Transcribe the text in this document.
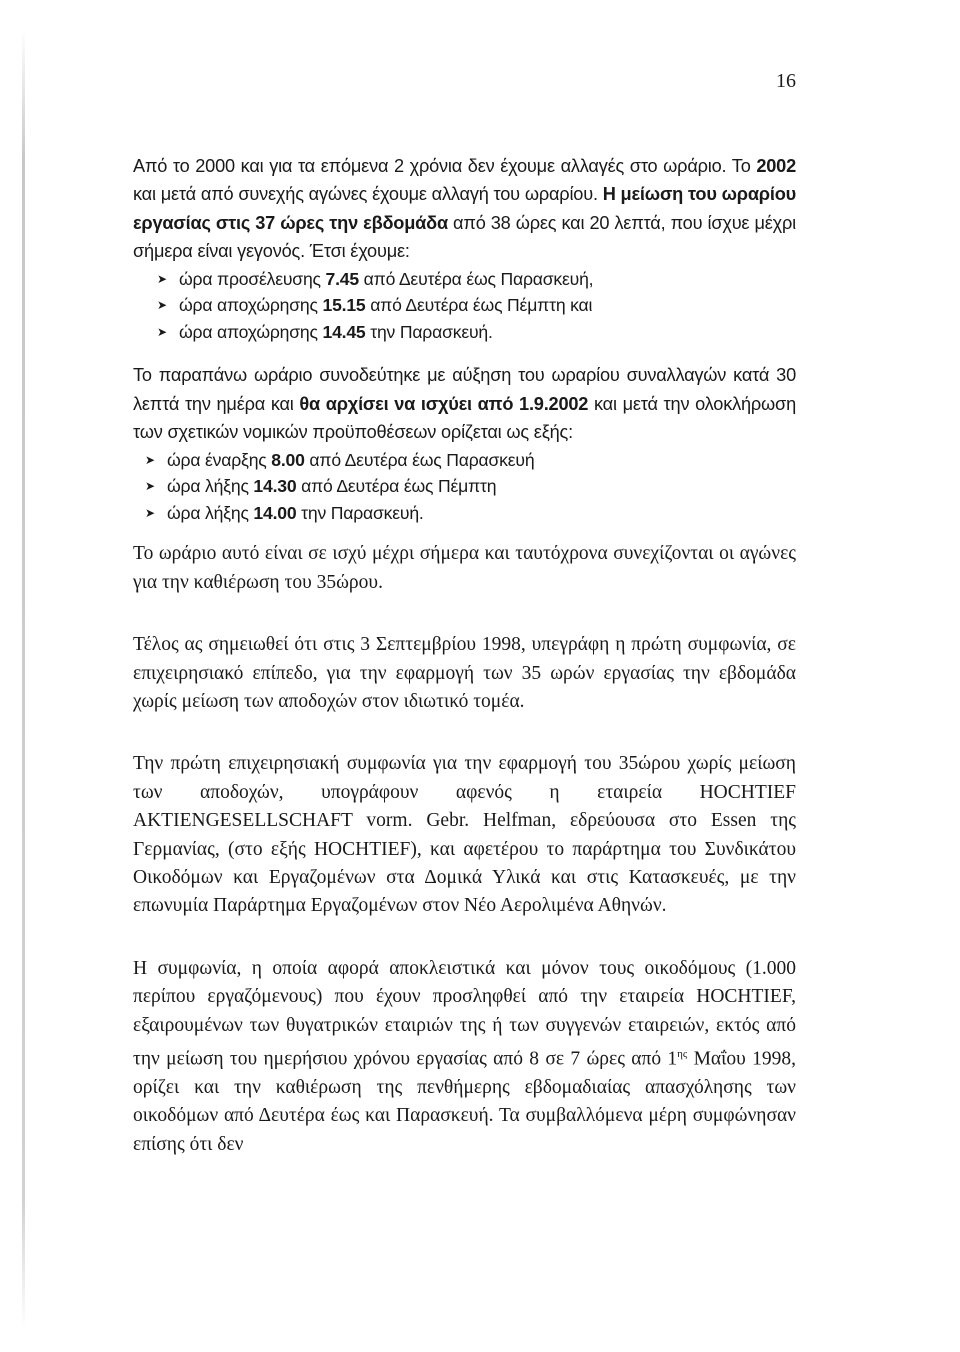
16

Από το 2000 και για τα επόμενα 2 χρόνια δεν έχουμε αλλαγές στο ωράριο. Το 2002 και μετά από συνεχής αγώνες έχουμε αλλαγή του ωραρίου. Η μείωση του ωραρίου εργασίας στις 37 ώρες την εβδομάδα από 38 ώρες και 20 λεπτά, που ίσχυε μέχρι σήμερα είναι γεγονός. Έτσι έχουμε:

➤ ώρα προσέλευσης 7.45 από Δευτέρα έως Παρασκευή,
➤ ώρα αποχώρησης 15.15 από Δευτέρα έως Πέμπτη και
➤ ώρα αποχώρησης 14.45 την Παρασκευή.

Το παραπάνω ωράριο συνοδεύτηκε με αύξηση του ωραρίου συναλλαγών κατά 30 λεπτά την ημέρα και θα αρχίσει να ισχύει από 1.9.2002 και μετά την ολοκλήρωση των σχετικών νομικών προϋποθέσεων ορίζεται ως εξής:

➤ ώρα έναρξης 8.00 από Δευτέρα έως Παρασκευή
➤ ώρα λήξης 14.30 από Δευτέρα έως Πέμπτη
➤ ώρα λήξης 14.00 την Παρασκευή.

Το ωράριο αυτό είναι σε ισχύ μέχρι σήμερα και ταυτόχρονα συνεχίζονται οι αγώνες για την καθιέρωση του 35ώρου.

Τέλος ας σημειωθεί ότι στις 3 Σεπτεμβρίου 1998, υπεγράφη η πρώτη συμφωνία, σε επιχειρησιακό επίπεδο, για την εφαρμογή των 35 ωρών εργασίας την εβδομάδα χωρίς μείωση των αποδοχών στον ιδιωτικό τομέα.

Την πρώτη επιχειρησιακή συμφωνία για την εφαρμογή του 35ώρου χωρίς μείωση των αποδοχών, υπογράφουν αφενός η εταιρεία HOCHTIEF AKTIENGESELLSCHAFT vorm. Gebr. Helfman, εδρεύουσα στο Essen της Γερμανίας, (στο εξής HOCHTIEF), και αφετέρου το παράρτημα του Συνδικάτου Οικοδόμων και Εργαζομένων στα Δομικά Υλικά και στις Κατασκευές, με την επωνυμία Παράρτημα Εργαζομένων στον Νέο Αερολιμένα Αθηνών.

Η συμφωνία, η οποία αφορά αποκλειστικά και μόνον τους οικοδόμους (1.000 περίπου εργαζόμενους) που έχουν προσληφθεί από την εταιρεία HOCHTIEF, εξαιρουμένων των θυγατρικών εταιριών της ή των συγγενών εταιρειών, εκτός από την μείωση του ημερήσιου χρόνου εργασίας από 8 σε 7 ώρες από $1^{\eta\varsigma}$ Μαΐου 1998, ορίζει και την καθιέρωση της πενθήμερης εβδομαδιαίας απασχόλησης των οικοδόμων από Δευτέρα έως και Παρασκευή. Τα συμβαλλόμενα μέρη συμφώνησαν επίσης ότι δεν
